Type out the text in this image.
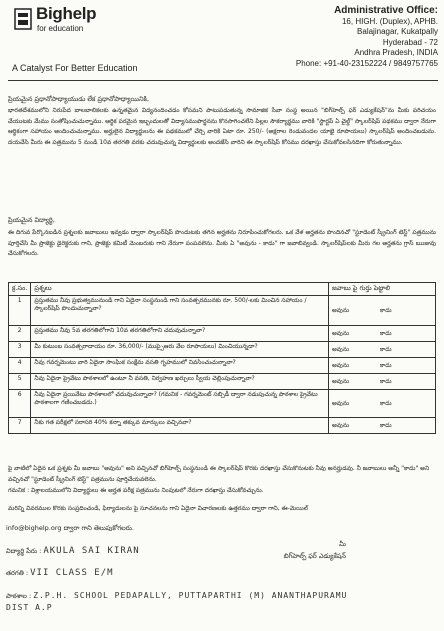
Bighelp
for education
A Catalyst For Better Education
Administrative Office:
16, HIGH. (Duplex), APHB.
Balajinagar, Kukatpally
Hyderabad - 72
Andhra Pradesh, INDIA
Phone: +91-40-23152224 / 9849757765
ప్రియమైన ప్రధానోపాధ్యాయుడు లేక ప్రధానోపాధ్యాయినికి,
భారతదేశములోని నిరుపేద బాలబాలికలకు ఉన్నతమైన విద్యనందించడం కోసమని పాటుపడుతున్న సామాజిక సేవా సంస్థ అయిన "బిగ్‌హెల్ప్ ఫర్ ఎడ్యుకేషన్"ను మీకు పరిచయం చేయుటకు మేము సంతోషించుచున్నాము. ఆర్థిక పరమైన ఇబ్బందులతో విద్యాసముపార్జనను కొనసాగించలేని పిల్లల సౌకర్యార్థము వారికి "స్టార్టప్ ఏ చైల్డ్" స్కాలర్‌షిప్ పథకము ద్వారా నేరుగా ఆర్థికంగా సహాయం అందించుచున్నాము. అర్హులైన విద్యార్థులను ఈ పథకములో చేర్చి వారికి ఏటా రూ. 250/- (అక్షరాల రెండువందల యాభై రూపాయలు) స్కాలర్‌షిప్ అందించబడును. దయచేసి మీరు ఈ పత్రమును 5 నుండి 10వ తరగతి వరకు చదువుచున్న విద్యార్థులకు అందజేసి వారిని ఈ స్కాలర్‌షిప్ కోసము దరఖాస్తు చేసుకోవలసినదిగా కోరుతున్నాము.
ప్రియమైన విద్యార్థి,
ఈ దిగువ పేర్కొనబడిన ప్రశ్నలకు జవాబులు ఇవ్వడం ద్వారా స్కాలర్‌షిప్ పొందుటకు తగిన అర్హతను నిరూపించుకోగలరు. ఒక వేళ అర్హతను పొందినచో "స్టూడెంట్ స్క్రీనింగ్ టెస్ట్" పత్రమును పూర్తిచేసి మీ ప్రాజెక్టు డైరెక్టరుకు గాని, ప్రాజెక్టు కమిటీ మెంబరుకు గాని నేరుగా పంపవలెను. మీకు ఏ "అవును - కాదు" గా జవాబివ్వండి. స్కాలర్‌షిప్‌లకు మీరు గల అర్హతను గ్రాస్ ఋజువు చేసుకోగలరు.
క్ర.సం.	ప్రశ్నలు	జవాబు పై గుర్తు పెట్టాలి
1	ప్రస్తుతము నీవు ప్రభుత్వమునుండి గాని ఏదైనా సంస్థనుండి గాని సంవత్సరమునకు రూ. 500/-లకు మించిన సహాయం / స్కాలర్‌షిప్ పొందుచున్నావా?	అవును కాదు
2	ప్రస్తుతము నీవు 5వ తరగతిలోగాని 10వ తరగతిలోగాని చదువుచున్నావా?	అవును కాదు
3	మీ కుటుంబ సంవత్సరాదాయం రూ. 36,000/- (ముప్పైఆరు వేల రూపాయలు) మించియున్నదా?	అవును కాదు
4	నీవు గవర్నమెంటు వారి ఏదైనా సాంఘిక సంక్షేమ వసతి గృహములో నివసించుచున్నావా?	అవును కాదు
5	నీవు ఏదైనా ప్రైవేటు పాఠశాలలో ఉంటూ నీ వసతి, నిర్వహణ ఖర్చులు స్వీయ చెల్లింపుచున్నావా?	అవును కాదు
6	నీవు ఏదైనా ప్రయివేటు పాఠశాలలో చదువుచున్నావా? (గమనిక - గవర్నమెంట్ సబ్సిడీ ద్వారా నడుపుచున్న పాఠశాల ప్రైవేటు పాఠశాలగా గణించబడదు.)	అవును కాదు
7	నీకు గత పరీక్షలో సరాసరి 40% కన్నా తక్కువ మార్కులు వచ్చినవా?	అవును కాదు
పై వాటిలో ఏదైన ఒక ప్రశ్నకు మీ జవాబు "అవును" అని వచ్చినచో బిగ్‌హెల్ప్ సంస్థనుండి ఈ స్కాలర్‌షిప్ కొరకు దరఖాస్తు చేసుకొనుటకు నీవు అనర్హుడవు. నీ జవాబులు అన్నీ "కాదు" అని వచ్చినచో "స్టూడెంట్ స్క్రీనింగ్ టెస్ట్" పత్రమును పూర్తిచేయవలెను.
గమనిక : విశ్లాలయములోని విద్యార్థులు ఈ అర్హత పరీక్ష పత్రమును నింపుటలో నేరుగా దరఖాస్తు చేసుకోవచ్చును.
మరిన్ని వివరముల కొరకు సంప్రదించండి, ఫిర్యాదులను పై సూచనలను గాని ఏదైనా విచారణలకు ఉత్తరము ద్వారా గాని, ఈ-మెయిల్
info@bighelp.org ద్వారా గాని తెలుపుకోగలరు.
మీ
బిగ్‌హెల్ప్ ఫర్ ఎడ్యుకేషన్
విద్యార్థి పేరు : AKULA SAI KIRAN
తరగతి : VII CLASS E/M
పాఠశాల : Z.P.H. SCHOOL PEDAPALLY, PUTTAPARTHI (M) ANANTHAPURAMU DIST A.P
